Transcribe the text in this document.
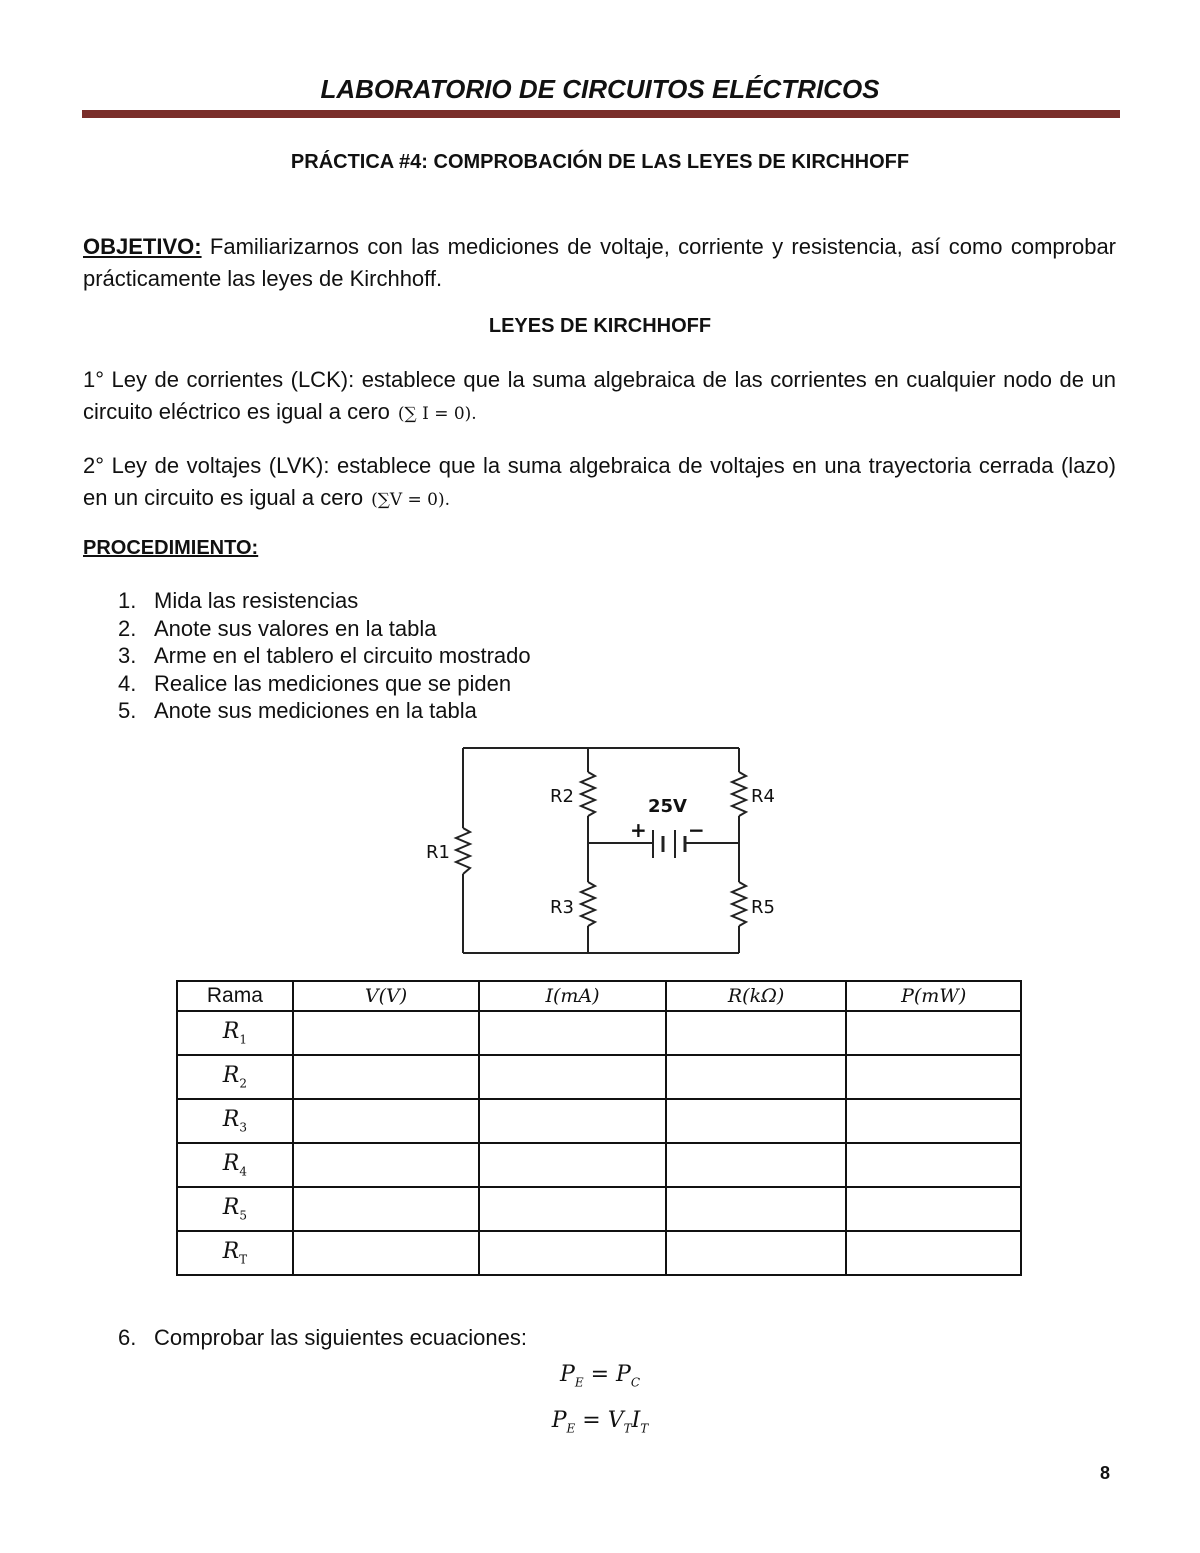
LABORATORIO DE CIRCUITOS ELÉCTRICOS
PRÁCTICA #4: COMPROBACIÓN DE LAS LEYES DE KIRCHHOFF
OBJETIVO: Familiarizarnos con las mediciones de voltaje, corriente y resistencia, así como comprobar prácticamente las leyes de Kirchhoff.
LEYES DE KIRCHHOFF
1° Ley de corrientes (LCK): establece que la suma algebraica de las corrientes en cualquier nodo de un circuito eléctrico es igual a cero (∑ I = 0).
2° Ley de voltajes (LVK): establece que la suma algebraica de voltajes en una trayectoria cerrada (lazo) en un circuito es igual a cero (∑V = 0).
PROCEDIMIENTO:
1. Mida las resistencias
2. Anote sus valores en la tabla
3. Arme en el tablero el circuito mostrado
4. Realice las mediciones que se piden
5. Anote sus mediciones en la tabla
R1
R2
R3
R4
R5
25V
+ −
Rama	V(V)	I(mA)	R(kΩ)	P(mW)
$R_1$				
$R_2$				
$R_3$				
$R_4$				
$R_5$				
$R_T$				
6. Comprobar las siguientes ecuaciones:
$P_E = P_C$
$P_E = V_TI_T$
8
